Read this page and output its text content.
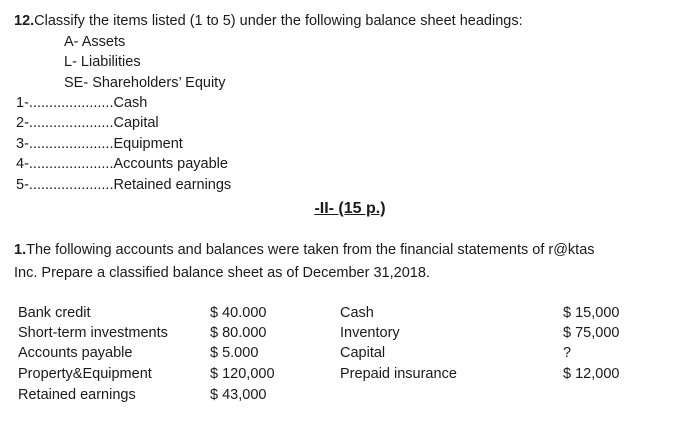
12.Classify the items listed (1 to 5) under the following balance sheet headings:
A- Assets
L- Liabilities
SE- Shareholders’ Equity
1-.....................Cash
2-.....................Capital
3-.....................Equipment
4-.....................Accounts payable
5-.....................Retained earnings
-II- (15 p.)
1.The following accounts and balances were taken from the financial statements of r@ktas
Inc. Prepare a classified balance sheet as of December 31,2018.
Bank credit	$ 40.000	Cash	$ 15,000
Short-term investments	$ 80.000	Inventory	$ 75,000
Accounts payable	$ 5.000	Capital	?
Property&Equipment	$ 120,000	Prepaid insurance	$ 12,000
Retained earnings	$ 43,000
